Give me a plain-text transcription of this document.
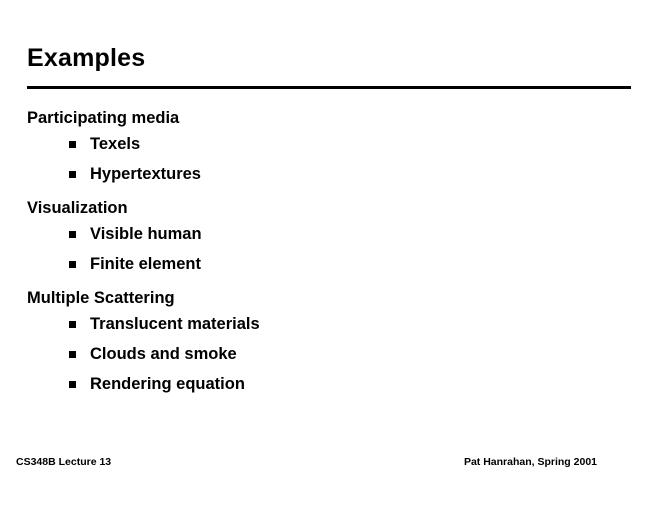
Examples

Participating media

Texels

Hypertextures

Visualization

Visible human

Finite element

Multiple Scattering

Translucent materials

Clouds and smoke

Rendering equation

CS348B Lecture 13	Pat Hanrahan, Spring 2001
